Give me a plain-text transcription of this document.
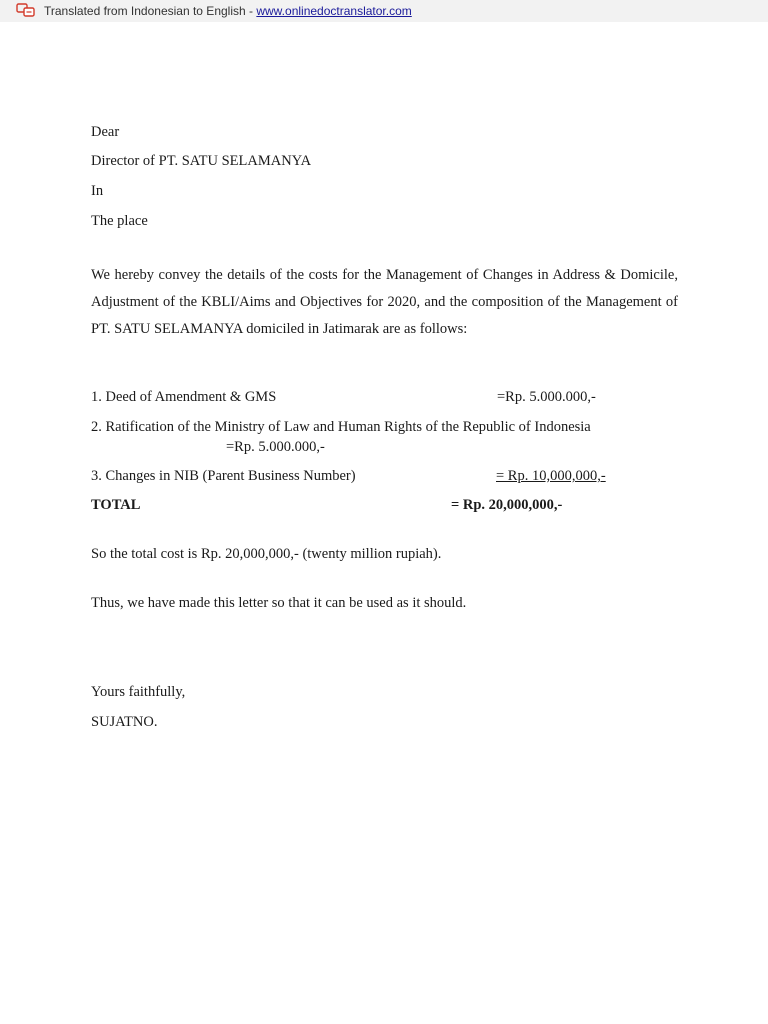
Translated from Indonesian to English - www.onlinedoctranslator.com
Dear
Director of PT. SATU SELAMANYA
In
The place
We hereby convey the details of the costs for the Management of Changes in Address & Domicile, Adjustment of the KBLI/Aims and Objectives for 2020, and the composition of the Management of PT. SATU SELAMANYA domiciled in Jatimarak are as follows:
1. Deed of Amendment & GMS	=Rp. 5.000.000,-
2. Ratification of the Ministry of Law and Human Rights of the Republic of Indonesia
=Rp. 5.000.000,-
3. Changes in NIB (Parent Business Number)	= Rp. 10,000,000,-
TOTAL	= Rp. 20,000,000,-
So the total cost is Rp. 20,000,000,- (twenty million rupiah).
Thus, we have made this letter so that it can be used as it should.
Yours faithfully,
SUJATNO.
